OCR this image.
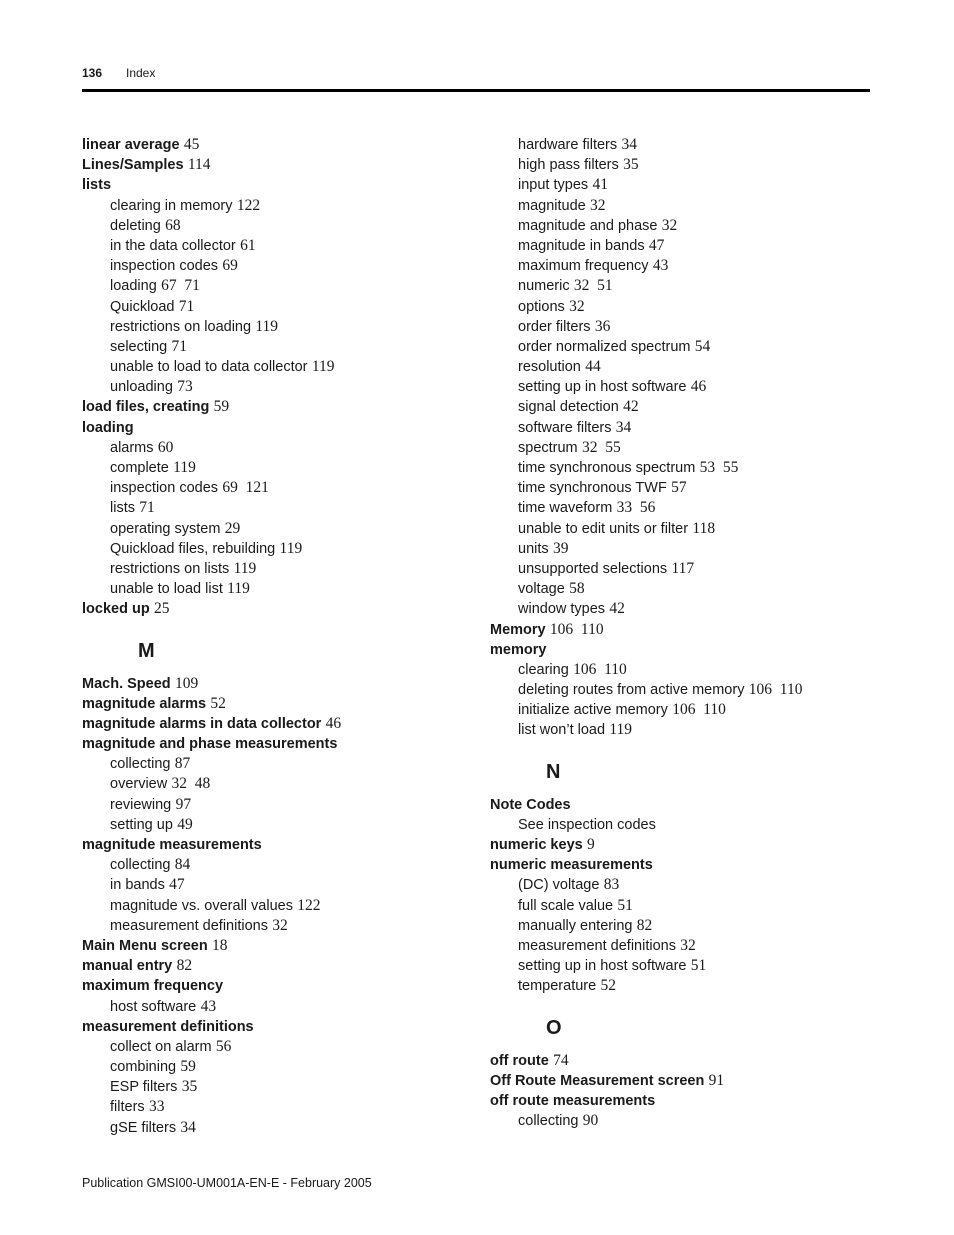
136 Index
linear average 45
Lines/Samples 114
lists
clearing in memory 122
deleting 68
in the data collector 61
inspection codes 69
loading 67  71
Quickload 71
restrictions on loading 119
selecting 71
unable to load to data collector 119
unloading 73
load files, creating 59
loading
alarms 60
complete 119
inspection codes 69  121
lists 71
operating system 29
Quickload files, rebuilding 119
restrictions on lists 119
unable to load list 119
locked up 25
M
Mach. Speed 109
magnitude alarms 52
magnitude alarms in data collector 46
magnitude and phase measurements
collecting 87
overview 32  48
reviewing 97
setting up 49
magnitude measurements
collecting 84
in bands 47
magnitude vs. overall values 122
measurement definitions 32
Main Menu screen 18
manual entry 82
maximum frequency
host software 43
measurement definitions
collect on alarm 56
combining 59
ESP filters 35
filters 33
gSE filters 34
hardware filters 34
high pass filters 35
input types 41
magnitude 32
magnitude and phase 32
magnitude in bands 47
maximum frequency 43
numeric 32  51
options 32
order filters 36
order normalized spectrum 54
resolution 44
setting up in host software 46
signal detection 42
software filters 34
spectrum 32  55
time synchronous spectrum 53  55
time synchronous TWF 57
time waveform 33  56
unable to edit units or filter 118
units 39
unsupported selections 117
voltage 58
window types 42
Memory 106  110
memory
clearing 106  110
deleting routes from active memory 106  110
initialize active memory 106  110
list won’t load 119
N
Note Codes
See inspection codes
numeric keys 9
numeric measurements
(DC) voltage 83
full scale value 51
manually entering 82
measurement definitions 32
setting up in host software 51
temperature 52
O
off route 74
Off Route Measurement screen 91
off route measurements
collecting 90
Publication GMSI00-UM001A-EN-E - February 2005
